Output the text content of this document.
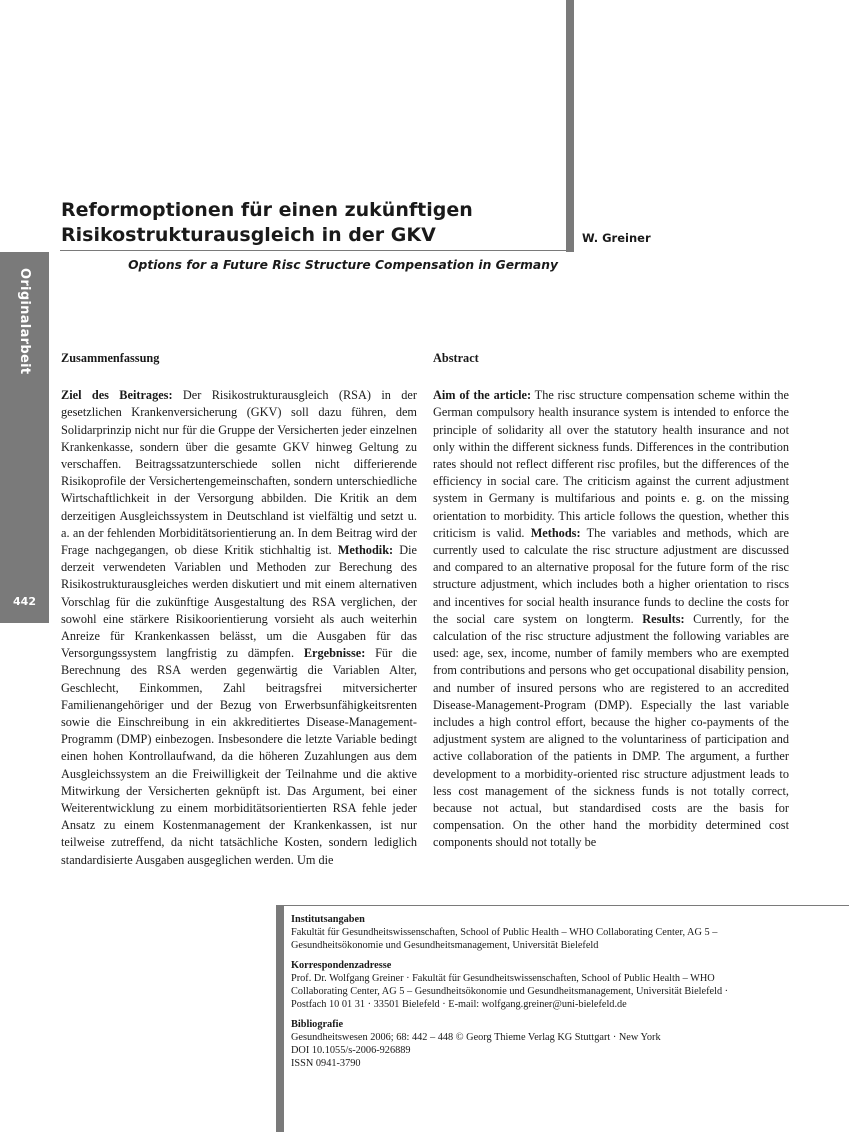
Reformoptionen für einen zukünftigen
Risikostrukturausgleich in der GKV	W. Greiner
Options for a Future Risc Structure Compensation in Germany
Originalarbeit
442
Zusammenfassung

Ziel des Beitrages: Der Risikostrukturausgleich (RSA) in der gesetzlichen Krankenversicherung (GKV) soll dazu führen, dem Solidarprinzip nicht nur für die Gruppe der Versicherten jeder einzelnen Krankenkasse, sondern über die gesamte GKV hinweg Geltung zu verschaffen. Beitragssatzunterschiede sollen nicht differierende Risikoprofile der Versichertengemeinschaften, sondern unterschiedliche Wirtschaftlichkeit in der Versorgung abbilden. Die Kritik an dem derzeitigen Ausgleichssystem in Deutschland ist vielfältig und setzt u. a. an der fehlenden Morbiditätsorientierung an. In dem Beitrag wird der Frage nachgegangen, ob diese Kritik stichhaltig ist. Methodik: Die derzeit verwendeten Variablen und Methoden zur Berechung des Risikostrukturausgleiches werden diskutiert und mit einem alternativen Vorschlag für die zukünftige Ausgestaltung des RSA verglichen, der sowohl eine stärkere Risikoorientierung vorsieht als auch weiterhin Anreize für Krankenkassen belässt, um die Ausgaben für das Versorgungssystem langfristig zu dämpfen. Ergebnisse: Für die Berechnung des RSA werden gegenwärtig die Variablen Alter, Geschlecht, Einkommen, Zahl beitragsfrei mitversicherter Familienangehöriger und der Bezug von Erwerbsunfähigkeitsrenten sowie die Einschreibung in ein akkreditiertes Disease-Management-Programm (DMP) einbezogen. Insbesondere die letzte Variable bedingt einen hohen Kontrollaufwand, da die höheren Zuzahlungen aus dem Ausgleichssystem an die Freiwilligkeit der Teilnahme und die aktive Mitwirkung der Versicherten geknüpft ist. Das Argument, bei einer Weiterentwicklung zu einem morbiditätsorientierten RSA fehle jeder Ansatz zu einem Kostenmanagement der Krankenkassen, ist nur teilweise zutreffend, da nicht tatsächliche Kosten, sondern lediglich standardisierte Ausgaben ausgeglichen werden. Um die

Abstract

Aim of the article: The risc structure compensation scheme within the German compulsory health insurance system is intended to enforce the principle of solidarity all over the statutory health insurance and not only within the different sickness funds. Differences in the contribution rates should not reflect different risc profiles, but the differences of the efficiency in social care. The criticism against the current adjustment system in Germany is multifarious and points e. g. on the missing orientation to morbidity. This article follows the question, whether this criticism is valid. Methods: The variables and methods, which are currently used to calculate the risc structure adjustment are discussed and compared to an alternative proposal for the future form of the risc structure adjustment, which includes both a higher orientation to riscs and incentives for social health insurance funds to decline the costs for the social care system on longterm. Results: Currently, for the calculation of the risc structure adjustment the following variables are used: age, sex, income, number of family members who are exempted from contributions and persons who get occupational disability pension, and number of insured persons who are registered to an accredited Disease-Management-Program (DMP). Especially the last variable includes a high control effort, because the higher co-payments of the adjustment system are aligned to the voluntariness of participation and active collaboration of the patients in DMP. The argument, a further development to a morbidity-oriented risc structure adjustment leads to less cost management of the sickness funds is not totally correct, because not actual, but standardised costs are the basis for compensation. On the other hand the morbidity determined cost components should not totally be

Institutsangaben
Fakultät für Gesundheitswissenschaften, School of Public Health – WHO Collaborating Center, AG 5 –
Gesundheitsökonomie und Gesundheitsmanagement, Universität Bielefeld
Korrespondenzadresse
Prof. Dr. Wolfgang Greiner · Fakultät für Gesundheitswissenschaften, School of Public Health – WHO
Collaborating Center, AG 5 – Gesundheitsökonomie und Gesundheitsmanagement, Universität Bielefeld ·
Postfach 10 01 31 · 33501 Bielefeld · E-mail: wolfgang.greiner@uni-bielefeld.de
Bibliografie
Gesundheitswesen 2006; 68: 442 – 448 © Georg Thieme Verlag KG Stuttgart · New York
DOI 10.1055/s-2006-926889
ISSN 0941-3790
